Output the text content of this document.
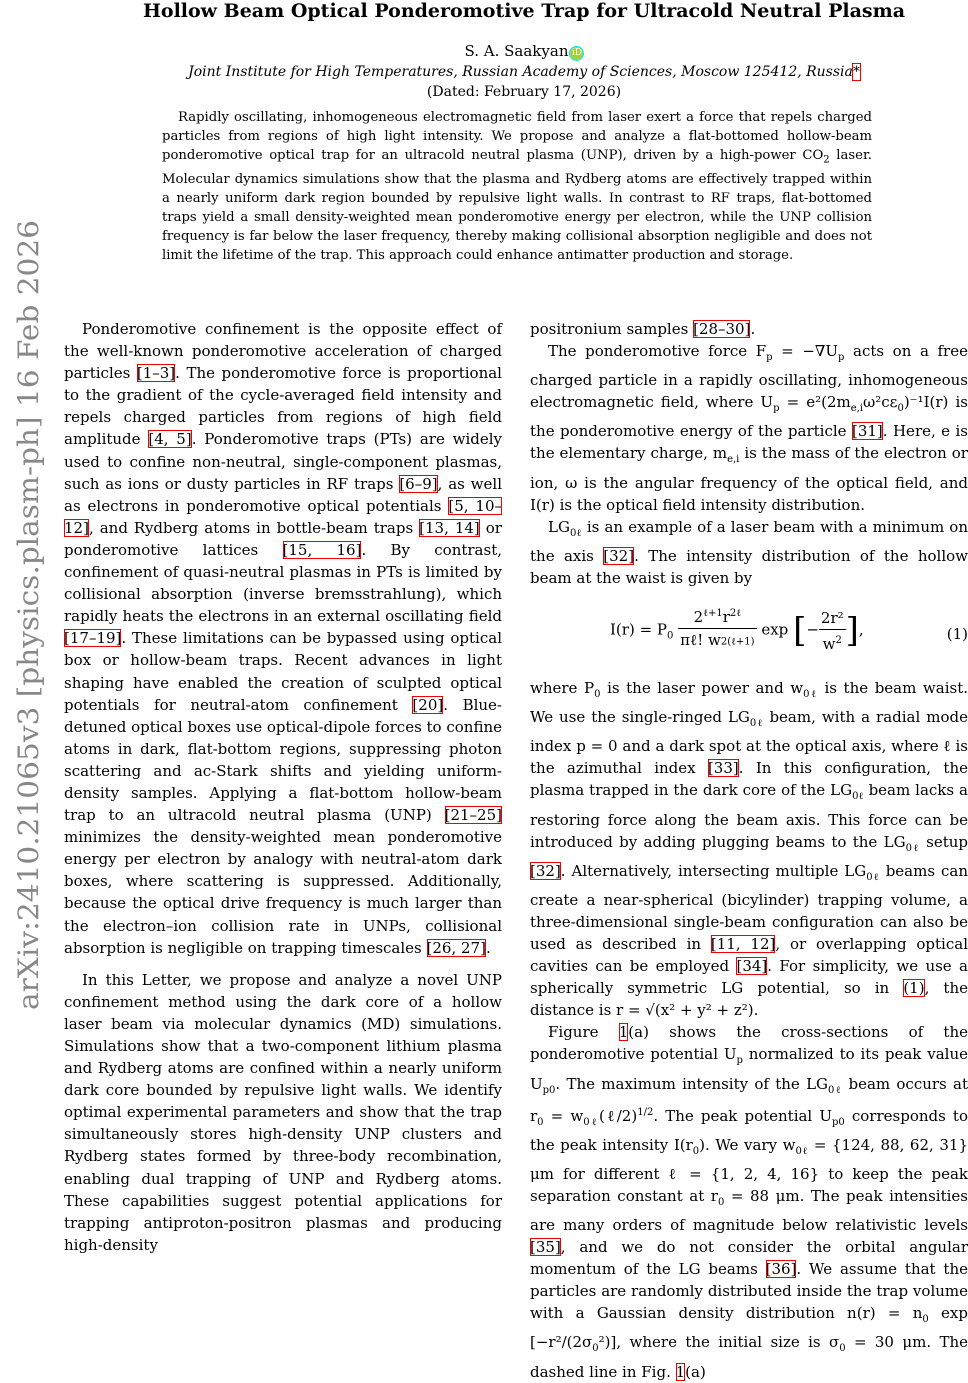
arXiv:2410.21065v3 [physics.plasm-ph] 16 Feb 2026
Hollow Beam Optical Ponderomotive Trap for Ultracold Neutral Plasma
S. A. Saakyan iD
Joint Institute for High Temperatures, Russian Academy of Sciences, Moscow 125412, Russia*
(Dated: February 17, 2026)
Rapidly oscillating, inhomogeneous electromagnetic field from laser exert a force that repels charged particles from regions of high light intensity. We propose and analyze a flat-bottomed hollow-beam ponderomotive optical trap for an ultracold neutral plasma (UNP), driven by a high-power $CO_2$ laser. Molecular dynamics simulations show that the plasma and Rydberg atoms are effectively trapped within a nearly uniform dark region bounded by repulsive light walls. In contrast to RF traps, flat-bottomed traps yield a small density-weighted mean ponderomotive energy per electron, while the UNP collision frequency is far below the laser frequency, thereby making collisional absorption negligible and does not limit the lifetime of the trap. This approach could enhance antimatter production and storage.

Ponderomotive confinement is the opposite effect of the well-known ponderomotive acceleration of charged particles [1–3]. The ponderomotive force is proportional to the gradient of the cycle-averaged field intensity and repels charged particles from regions of high field amplitude [4, 5]. Ponderomotive traps (PTs) are widely used to confine non-neutral, single-component plasmas, such as ions or dusty particles in RF traps [6–9], as well as electrons in ponderomotive optical potentials [5, 10–12], and Rydberg atoms in bottle-beam traps [13, 14] or ponderomotive lattices [15, 16]. By contrast, confinement of quasi-neutral plasmas in PTs is limited by collisional absorption (inverse bremsstrahlung), which rapidly heats the electrons in an external oscillating field [17–19]. These limitations can be bypassed using optical box or hollow-beam traps. Recent advances in light shaping have enabled the creation of sculpted optical potentials for neutral-atom confinement [20]. Blue-detuned optical boxes use optical-dipole forces to confine atoms in dark, flat-bottom regions, suppressing photon scattering and ac-Stark shifts and yielding uniform-density samples. Applying a flat-bottom hollow-beam trap to an ultracold neutral plasma (UNP) [21–25] minimizes the density-weighted mean ponderomotive energy per electron by analogy with neutral-atom dark boxes, where scattering is suppressed. Additionally, because the optical drive frequency is much larger than the electron–ion collision rate in UNPs, collisional absorption is negligible on trapping timescales [26, 27].

In this Letter, we propose and analyze a novel UNP confinement method using the dark core of a hollow laser beam via molecular dynamics (MD) simulations. Simulations show that a two-component lithium plasma and Rydberg atoms are confined within a nearly uniform dark core bounded by repulsive light walls. We identify optimal experimental parameters and show that the trap simultaneously stores high-density UNP clusters and Rydberg states formed by three-body recombination, enabling dual trapping of UNP and Rydberg atoms. These capabilities suggest potential applications for trapping antiproton-positron plasmas and producing high-density

positronium samples [28–30].

The ponderomotive force $F_p = -\nabla U_p$ acts on a free charged particle in a rapidly oscillating, inhomogeneous electromagnetic field, where $U_p = e^2(2m_{e,i}\omega^2c\varepsilon_0)^{-1}I(r)$ is the ponderomotive energy of the particle [31]. Here, e is the elementary charge, $m_{e,i}$ is the mass of the electron or ion, ω is the angular frequency of the optical field, and I(r) is the optical field intensity distribution.

$LG_{0\ell}$ is an example of a laser beam with a minimum on the axis [32]. The intensity distribution of the hollow beam at the waist is given by

$I(r) = P_0 \frac{2^{\ell+1}r^{2\ell}}{\pi\ell! w_{^{2(\ell+1)}}}$ exp [− $\frac{\text{2r²}}{w^2}$ ],	(1)

where $P_0$ is the laser power and $w_{0\ell}$ is the beam waist. We use the single-ringed $LG_{0\ell}$ beam, with a radial mode index p = 0 and a dark spot at the optical axis, where ℓ is the azimuthal index [33]. In this configuration, the plasma trapped in the dark core of the $LG_{0\ell}$ beam lacks a restoring force along the beam axis. This force can be introduced by adding plugging beams to the $LG_{0\ell}$ setup [32]. Alternatively, intersecting multiple $LG_{0\ell}$ beams can create a near-spherical (bicylinder) trapping volume, a three-dimensional single-beam configuration can also be used as described in [11, 12], or overlapping optical cavities can be employed [34]. For simplicity, we use a spherically symmetric LG potential, so in (1), the distance is r = √(x² + y² + z²).

Figure 1(a) shows the cross-sections of the ponderomotive potential $U_p$ normalized to its peak value $U_{p0}$. The maximum intensity of the $LG_{0\ell}$ beam occurs at $r_0$ = $w_{0\ell}(\ell/2)^{1/2}$. The peak potential $U_{p0}$ corresponds to the peak intensity $I(r_0)$. We vary $w_{0\ell} = \{124$, 88, 62, 31} μm for different ℓ = {1, 2, 4, 16} to keep the peak separation constant at $r_0 = 88$ μm. The peak intensities are many orders of magnitude below relativistic levels [35], and we do not consider the orbital angular momentum of the LG beams [36]. We assume that the particles are randomly distributed inside the trap volume with a Gaussian density distribution $n(r) = n_0$ $\exp [-r^2/(2\sigma_0^2)]$, where the initial size is $\sigma_0 = 30$ μm. The dashed line in Fig. 1(a)
